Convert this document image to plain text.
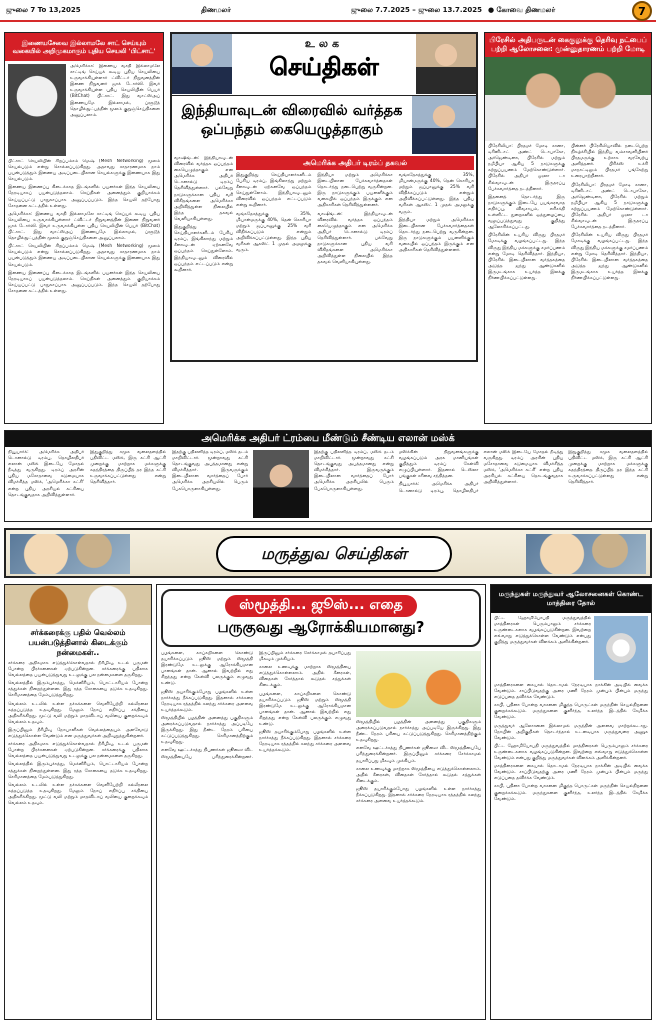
ஜுலை 7 To 13,2025	திணமலர்	ஜுலை 7.7.2025 – ஜுலை 13.7.2025 ● கோவை திணமலர்	7
இணையசேவை இல்லாமலே சாட் செய்யும் வகையில் அறிமுகமாகும் புதிய செயலி 'பிட்சாட்'
அமெரிக்கா: இணைய வசதி இல்லாமலே சாட்டிங் செய்யக் கூடிய புதிய செயலியை உருவாக்கியுள்ளார் ட்விட்டர் நிறுவனத்தின் இணை நிறுவனர் ஜாக் டோர்ஸி. இவர் உருவாக்கியுள்ள புதிய செயலியின் பெயர் (BitChat) பிட்சாட். இது வாட்ஸ்அப் இணையமே இல்லாமல், ப்ளூடூத் தொழில்நுட்பத்தின் மூலம் குறுஞ்செய்திகளை அனுப்பலாம்.

பிட்சாட் செயலியின் சிறப்பம்சம் மெஷ் (Mesh Networking) மூலம் செயல்படும் என்று சொல்லப்படுகிறது. அதாவது சாதாரணமாக நாம் பயன்படுத்தும் இணைய அடிப்படையிலான செயல்களுக்கு இணையாக இது செயல்படும்.

இணைய இணைப்பு கிடைக்காத இடங்களில் பயனர்கள் இந்த செயலியை நேரடியாகப் பயன்படுத்தலாம். செய்திகள் அனைத்தும் குறியாக்கம் செய்யப்பட்டு பாதுகாப்பாக அனுப்பப்படும். இந்த செயலி தற்போது சோதனை கட்டத்தில் உள்ளது.

அமெரிக்கா: இணைய வசதி இல்லாமலே சாட்டிங் செய்யக் கூடிய புதிய செயலியை உருவாக்கியுள்ளார் ட்விட்டர் நிறுவனத்தின் இணை நிறுவனர் ஜாக் டோர்ஸி. இவர் உருவாக்கியுள்ள புதிய செயலியின் பெயர் (BitChat) பிட்சாட். இது வாட்ஸ்அப் இணையமே இல்லாமல், ப்ளூடூத் தொழில்நுட்பத்தின் மூலம் குறுஞ்செய்திகளை அனுப்பலாம்.

பிட்சாட் செயலியின் சிறப்பம்சம் மெஷ் (Mesh Networking) மூலம் செயல்படும் என்று சொல்லப்படுகிறது. அதாவது சாதாரணமாக நாம் பயன்படுத்தும் இணைய அடிப்படையிலான செயல்களுக்கு இணையாக இது செயல்படும்.

இணைய இணைப்பு கிடைக்காத இடங்களில் பயனர்கள் இந்த செயலியை நேரடியாகப் பயன்படுத்தலாம். செய்திகள் அனைத்தும் குறியாக்கம் செய்யப்பட்டு பாதுகாப்பாக அனுப்பப்படும். இந்த செயலி தற்போது சோதனை கட்டத்தில் உள்ளது.

உலக
செய்திகள்
இந்தியாவுடன் விரைவில் வர்த்தக ஒப்பந்தம் கையெழுத்தாகும்

வாஷிங்டன்: இந்தியாவுடன் விரைவில் வர்த்தக ஒப்பந்தம் கையெழுத்தாகும் என அமெரிக்க அதிபர் டொனால்டு டிரம்ப் தெரிவித்துள்ளார். பல்வேறு நாடுகளுக்கான புதிய வரி விகிதங்களை அமெரிக்கா அறிவித்துள்ள நிலையில் இந்த தகவல் வெளியாகியுள்ளது.

இதுகுறித்து செய்தியாளர்களிடம் பேசிய டிரம்ப், இங்கிலாந்து மற்றும் சீனாவுடன் ஏற்கனவே ஒப்பந்தம் செய்துள்ளோம். இந்தியாவுடனும் விரைவில் ஒப்பந்தம் எட்டப்படும் என்று கூறினார்.

அமெரிக்க அதிபர் டிரம்ப் தகவல்

இதுகுறித்து செய்தியாளர்களிடம் பேசிய டிரம்ப், இங்கிலாந்து மற்றும் சீனாவுடன் ஏற்கனவே ஒப்பந்தம் செய்துள்ளோம். இந்தியாவுடனும் விரைவில் ஒப்பந்தம் எட்டப்படும் என்று கூறினார்.

வங்கதேசத்துக்கு 35%, மியான்மருக்கு 40%, தென் கொரியா மற்றும் ஜப்பானுக்கு 25% வரி விதிக்கப்படும் என்றும் அறிவிக்கப்பட்டுள்ளது. இந்த புதிய வரிகள் ஆகஸ்ட் 1 முதல் அமலுக்கு வரும்.

இந்தியா மற்றும் அமெரிக்கா இடையிலான பேச்சுவார்த்தைகள் தொடர்ந்து நடைபெற்று வருகின்றன. இரு நாடுகளுக்கும் பயனளிக்கும் வகையில் ஒப்பந்தம் இருக்கும் என அதிகாரிகள் தெரிவித்துள்ளனர்.

வாஷிங்டன்: இந்தியாவுடன் விரைவில் வர்த்தக ஒப்பந்தம் கையெழுத்தாகும் என அமெரிக்க அதிபர் டொனால்டு டிரம்ப் தெரிவித்துள்ளார். பல்வேறு நாடுகளுக்கான புதிய வரி விகிதங்களை அமெரிக்கா அறிவித்துள்ள நிலையில் இந்த தகவல் வெளியாகியுள்ளது.

வங்கதேசத்துக்கு 35%, மியான்மருக்கு 40%, தென் கொரியா மற்றும் ஜப்பானுக்கு 25% வரி விதிக்கப்படும் என்றும் அறிவிக்கப்பட்டுள்ளது. இந்த புதிய வரிகள் ஆகஸ்ட் 1 முதல் அமலுக்கு வரும்.

இந்தியா மற்றும் அமெரிக்கா இடையிலான பேச்சுவார்த்தைகள் தொடர்ந்து நடைபெற்று வருகின்றன. இரு நாடுகளுக்கும் பயனளிக்கும் வகையில் ஒப்பந்தம் இருக்கும் என அதிகாரிகள் தெரிவித்துள்ளனர்.

பிரேசில் அதிபருடன் கைகுலுக்கு தெரிவு நட்பைப் பற்றி ஆலோசனை: முன்னுதாரணம் பற்றி மோடி

பிரேசிலியா: பிரதமர் மோடி கானா, டிரினிடாட் அண்ட் டொபாகோ, அர்ஜெண்டினா, பிரேசில் மற்றும் நமீபியா ஆகிய 5 நாடுகளுக்கு சுற்றுப்பயணம் மேற்கொண்டுள்ளார். பிரேசில் அதிபர் லூலா டா சில்வாவுடன் இருதரப்பு பேச்சுவார்த்தை நடத்தினார்.

இதனைத் தொடர்ந்து இரு நாடுகளுக்கும் இடையே பயங்கரவாத எதிர்ப்பு, விவசாயம், எரிசக்தி உள்ளிட்ட துறைகளில் ஒத்துழைப்பை வலுப்படுத்துவது குறித்து ஆலோசிக்கப்பட்டது.

பிரேசிலின் உயரிய விருது பிரதமர் மோடிக்கு வழங்கப்பட்டது. இந்த விருது இந்திய மக்களுக்கு சமர்ப்பணம் என்று மோடி தெரிவித்தார். இந்தியா, பிரேசில் இடையிலான வர்த்தகத்தை அடுத்த ஐந்து ஆண்டுகளில் இருமடங்காக உயர்த்த இலக்கு நிர்ணயிக்கப்பட்டுள்ளது.

பின்னர் பிரேசிலியாவில் நடைபெற்ற நிகழ்ச்சியில் இந்திய வம்சாவளியினர் பிரதமருக்கு உற்சாக வரவேற்பு அளித்தனர். பிரிக்ஸ் உச்சி மாநாட்டிலும் பிரதமர் பங்கேற்று உரையாற்றினார்.

பிரேசிலியா: பிரதமர் மோடி கானா, டிரினிடாட் அண்ட் டொபாகோ, அர்ஜெண்டினா, பிரேசில் மற்றும் நமீபியா ஆகிய 5 நாடுகளுக்கு சுற்றுப்பயணம் மேற்கொண்டுள்ளார். பிரேசில் அதிபர் லூலா டா சில்வாவுடன் இருதரப்பு பேச்சுவார்த்தை நடத்தினார்.

பிரேசிலின் உயரிய விருது பிரதமர் மோடிக்கு வழங்கப்பட்டது. இந்த விருது இந்திய மக்களுக்கு சமர்ப்பணம் என்று மோடி தெரிவித்தார். இந்தியா, பிரேசில் இடையிலான வர்த்தகத்தை அடுத்த ஐந்து ஆண்டுகளில் இருமடங்காக உயர்த்த இலக்கு நிர்ணயிக்கப்பட்டுள்ளது.

அமெரிக்க அதிபர் ட்ரம்பை மீண்டும் சீண்டிய எலான் மஸ்க்

நியூயார்க்: அமெரிக்க அதிபர் டொனால்டு டிரம்பு, தொழிலதிபர் எலான் மஸ்க் இடையே மோதல் நீடித்து வருகிறது. டிரம்ப் அரசின் புதிய மசோதாவை கடுமையாக விமர்சித்த மஸ்க், 'அமெரிக்கா கட்சி' என்ற புதிய அரசியல் கட்சியை தொடங்குவதாக அறிவித்துள்ளார்.

இதுகுறித்து சமூக வலைதளத்தில் பதிவிட்ட மஸ்க், இரு கட்சி ஆட்சி முறைக்கு மாற்றாக மக்களுக்கு சுதந்திரத்தை திருப்பித் தர இந்த கட்சி உருவாக்கப்பட்டுள்ளது என்று தெரிவித்தார்.

இதற்கு பதிலளித்த டிரம்ப், மஸ்க் தடம் மாறிவிட்டார். மூன்றாவது கட்சி தொடங்குவது அபத்தமானது என்று விமர்சித்தார். இருவருக்கும் இடையிலான வார்த்தைப் போர் அமெரிக்க அரசியலில் பெரும் பேசுபொருளாகியுள்ளது.

இதற்கு பதிலளித்த டிரம்ப், மஸ்க் தடம் மாறிவிட்டார். மூன்றாவது கட்சி தொடங்குவது அபத்தமானது என்று விமர்சித்தார். இருவருக்கும் இடையிலான வார்த்தைப் போர் அமெரிக்க அரசியலில் பெரும் பேசுபொருளாகியுள்ளது.

மஸ்க்கின் நிறுவனங்களுக்கு வழங்கப்படும் அரசு மானியங்கள் குறித்தும் டிரம்ப் கேள்வி எழுப்பியுள்ளார். இதனால் டெஸ்லா பங்குகள் சரிவை சந்தித்தன.

நியூயார்க்: அமெரிக்க அதிபர் டொனால்டு டிரம்பு, தொழிலதிபர் எலான் மஸ்க் இடையே மோதல் நீடித்து வருகிறது. டிரம்ப் அரசின் புதிய மசோதாவை கடுமையாக விமர்சித்த மஸ்க், 'அமெரிக்கா கட்சி' என்ற புதிய அரசியல் கட்சியை தொடங்குவதாக அறிவித்துள்ளார்.

இதுகுறித்து சமூக வலைதளத்தில் பதிவிட்ட மஸ்க், இரு கட்சி ஆட்சி முறைக்கு மாற்றாக மக்களுக்கு சுதந்திரத்தை திருப்பித் தர இந்த கட்சி உருவாக்கப்பட்டுள்ளது என்று தெரிவித்தார்.

மருத்துவ செய்திகள்
சர்க்கரைக்கு பதில் வெல்லம் பயன்படுத்தினால் கிடைக்கும் நன்மைகள்..

சர்க்கரை அதிகமாக எடுத்துக்கொள்வதால் நீரிழிவு, உடல் பருமன் போன்ற பிரச்சனைகள் ஏற்படுகின்றன. சர்க்கரைக்கு பதிலாக வெல்லத்தை பயன்படுத்துவது உடலுக்கு பல நன்மைகளை தருகிறது.

வெல்லத்தில் இரும்புச்சத்து, மெக்னீசியம், பொட்டாசியம் போன்ற சத்துக்கள் நிறைந்துள்ளன. இது ரத்த சோகையை தடுக்க உதவுகிறது. செரிமானத்தை மேம்படுத்துகிறது.

வெல்லம் உடலில் உள்ள நச்சுக்களை வெளியேற்றி கல்லீரலை சுத்தப்படுத்த உதவுகிறது. மேலும் நோய் எதிர்ப்பு சக்தியை அதிகரிக்கிறது. மூட்டு வலி மற்றும் மாதவிடாய் வலியை குறைக்கவும் வெல்லம் உதவும்.

இருப்பினும் நீரிழிவு நோயாளிகள் வெல்லத்தையும் அளவோடு எடுத்துக்கொள்ள வேண்டும் என மருத்துவர்கள் அறிவுறுத்துகின்றனர்.

சர்க்கரை அதிகமாக எடுத்துக்கொள்வதால் நீரிழிவு, உடல் பருமன் போன்ற பிரச்சனைகள் ஏற்படுகின்றன. சர்க்கரைக்கு பதிலாக வெல்லத்தை பயன்படுத்துவது உடலுக்கு பல நன்மைகளை தருகிறது.

வெல்லத்தில் இரும்புச்சத்து, மெக்னீசியம், பொட்டாசியம் போன்ற சத்துக்கள் நிறைந்துள்ளன. இது ரத்த சோகையை தடுக்க உதவுகிறது. செரிமானத்தை மேம்படுத்துகிறது.

வெல்லம் உடலில் உள்ள நச்சுக்களை வெளியேற்றி கல்லீரலை சுத்தப்படுத்த உதவுகிறது. மேலும் நோய் எதிர்ப்பு சக்தியை அதிகரிக்கிறது. மூட்டு வலி மற்றும் மாதவிடாய் வலியை குறைக்கவும் வெல்லம் உதவும்.

ஸ்மூத்தி... ஜூஸ்... எதை
பருகுவது ஆரோக்கியமானது?

பழங்களை, காய்கறிகளை கொண்டு தயாரிக்கப்படும் ஜூஸ் மற்றும் ஸ்மூத்தி இரண்டுமே உடலுக்கு ஆரோக்கியமான பானங்கள் தான். ஆனால் இவற்றில் எது சிறந்தது என்ற கேள்வி பலருக்கும் எழுவது உண்டு.

ஜூஸ் தயாரிக்கும்போது பழங்களில் உள்ள நார்ச்சத்து நீக்கப்படுகிறது. இதனால் சர்க்கரை நேரடியாக ரத்தத்தில் கலந்து சர்க்கரை அளவை உயர்த்தக்கூடும்.

ஸ்மூத்தியில் பழத்தின் அனைத்து பகுதிகளும் அரைக்கப்படுவதால் நார்ச்சத்து அப்படியே இருக்கிறது. இது நீண்ட நேரம் பசியை கட்டுப்படுத்துகிறது. செரிமானத்திற்கும் உதவுகிறது.

எனவே ஊட்டச்சத்து நிபுணர்கள் ஜூஸை விட ஸ்மூத்தியையே பரிந்துரைக்கின்றனர். இருப்பினும் சர்க்கரை சேர்க்காமல் தயாரிப்பது மிகவும் முக்கியம்.

காலை உணவுக்கு மாற்றாக ஸ்மூத்தியை எடுத்துக்கொள்ளலாம். அதில் கீரைகள், விதைகள் சேர்த்தால் கூடுதல் சத்துக்கள் கிடைக்கும்.

பழங்களை, காய்கறிகளை கொண்டு தயாரிக்கப்படும் ஜூஸ் மற்றும் ஸ்மூத்தி இரண்டுமே உடலுக்கு ஆரோக்கியமான பானங்கள் தான். ஆனால் இவற்றில் எது சிறந்தது என்ற கேள்வி பலருக்கும் எழுவது உண்டு.

ஜூஸ் தயாரிக்கும்போது பழங்களில் உள்ள நார்ச்சத்து நீக்கப்படுகிறது. இதனால் சர்க்கரை நேரடியாக ரத்தத்தில் கலந்து சர்க்கரை அளவை உயர்த்தக்கூடும்.

ஸ்மூத்தியில் பழத்தின் அனைத்து பகுதிகளும் அரைக்கப்படுவதால் நார்ச்சத்து அப்படியே இருக்கிறது. இது நீண்ட நேரம் பசியை கட்டுப்படுத்துகிறது. செரிமானத்திற்கும் உதவுகிறது.

எனவே ஊட்டச்சத்து நிபுணர்கள் ஜூஸை விட ஸ்மூத்தியையே பரிந்துரைக்கின்றனர். இருப்பினும் சர்க்கரை சேர்க்காமல் தயாரிப்பது மிகவும் முக்கியம்.

காலை உணவுக்கு மாற்றாக ஸ்மூத்தியை எடுத்துக்கொள்ளலாம். அதில் கீரைகள், விதைகள் சேர்த்தால் கூடுதல் சத்துக்கள் கிடைக்கும்.

ஜூஸ் தயாரிக்கும்போது பழங்களில் உள்ள நார்ச்சத்து நீக்கப்படுகிறது. இதனால் சர்க்கரை நேரடியாக ரத்தத்தில் கலந்து சர்க்கரை அளவை உயர்த்தக்கூடும்.

மருந்துகள் மருந்துவர் ஆலோசனைகள் கொண்ட மாத்திரை தோல்
பிட்ட ஹோமியோபதி மருத்துவத்தில் மாத்திரைகள் பெரும்பாலும் சர்க்கரை உருண்டைகளாக வழங்கப்படுகின்றன. இவற்றை எவ்வாறு எடுத்துக்கொள்ள வேண்டும் என்பது குறித்து மருத்துவர்கள் விளக்கம் அளிக்கின்றனர்.

மாத்திரைகளை கையால் தொடாமல் நேரடியாக நாக்கின் அடியில் வைக்க வேண்டும். சாப்பிடுவதற்கு அரை மணி நேரம் முன்பும் பின்பும் மருந்து எடுப்பதை தவிர்க்க வேண்டும்.

காபி, புதினா போன்ற வாசனை மிகுந்த பொருட்கள் மருந்தின் செயல்திறனை குறைக்கக்கூடும். மருந்துகளை குளிர்ந்த, உலர்ந்த இடத்தில் சேமிக்க வேண்டும்.

மருத்துவர் ஆலோசனை இல்லாமல் மருந்தின் அளவை மாற்றக்கூடாது. நோயின் அறிகுறிகள் தொடர்ந்தால் உடனடியாக மருத்துவரை அணுக வேண்டும்.

பிட்ட ஹோமியோபதி மருத்துவத்தில் மாத்திரைகள் பெரும்பாலும் சர்க்கரை உருண்டைகளாக வழங்கப்படுகின்றன. இவற்றை எவ்வாறு எடுத்துக்கொள்ள வேண்டும் என்பது குறித்து மருத்துவர்கள் விளக்கம் அளிக்கின்றனர்.

மாத்திரைகளை கையால் தொடாமல் நேரடியாக நாக்கின் அடியில் வைக்க வேண்டும். சாப்பிடுவதற்கு அரை மணி நேரம் முன்பும் பின்பும் மருந்து எடுப்பதை தவிர்க்க வேண்டும்.

காபி, புதினா போன்ற வாசனை மிகுந்த பொருட்கள் மருந்தின் செயல்திறனை குறைக்கக்கூடும். மருந்துகளை குளிர்ந்த, உலர்ந்த இடத்தில் சேமிக்க வேண்டும்.
